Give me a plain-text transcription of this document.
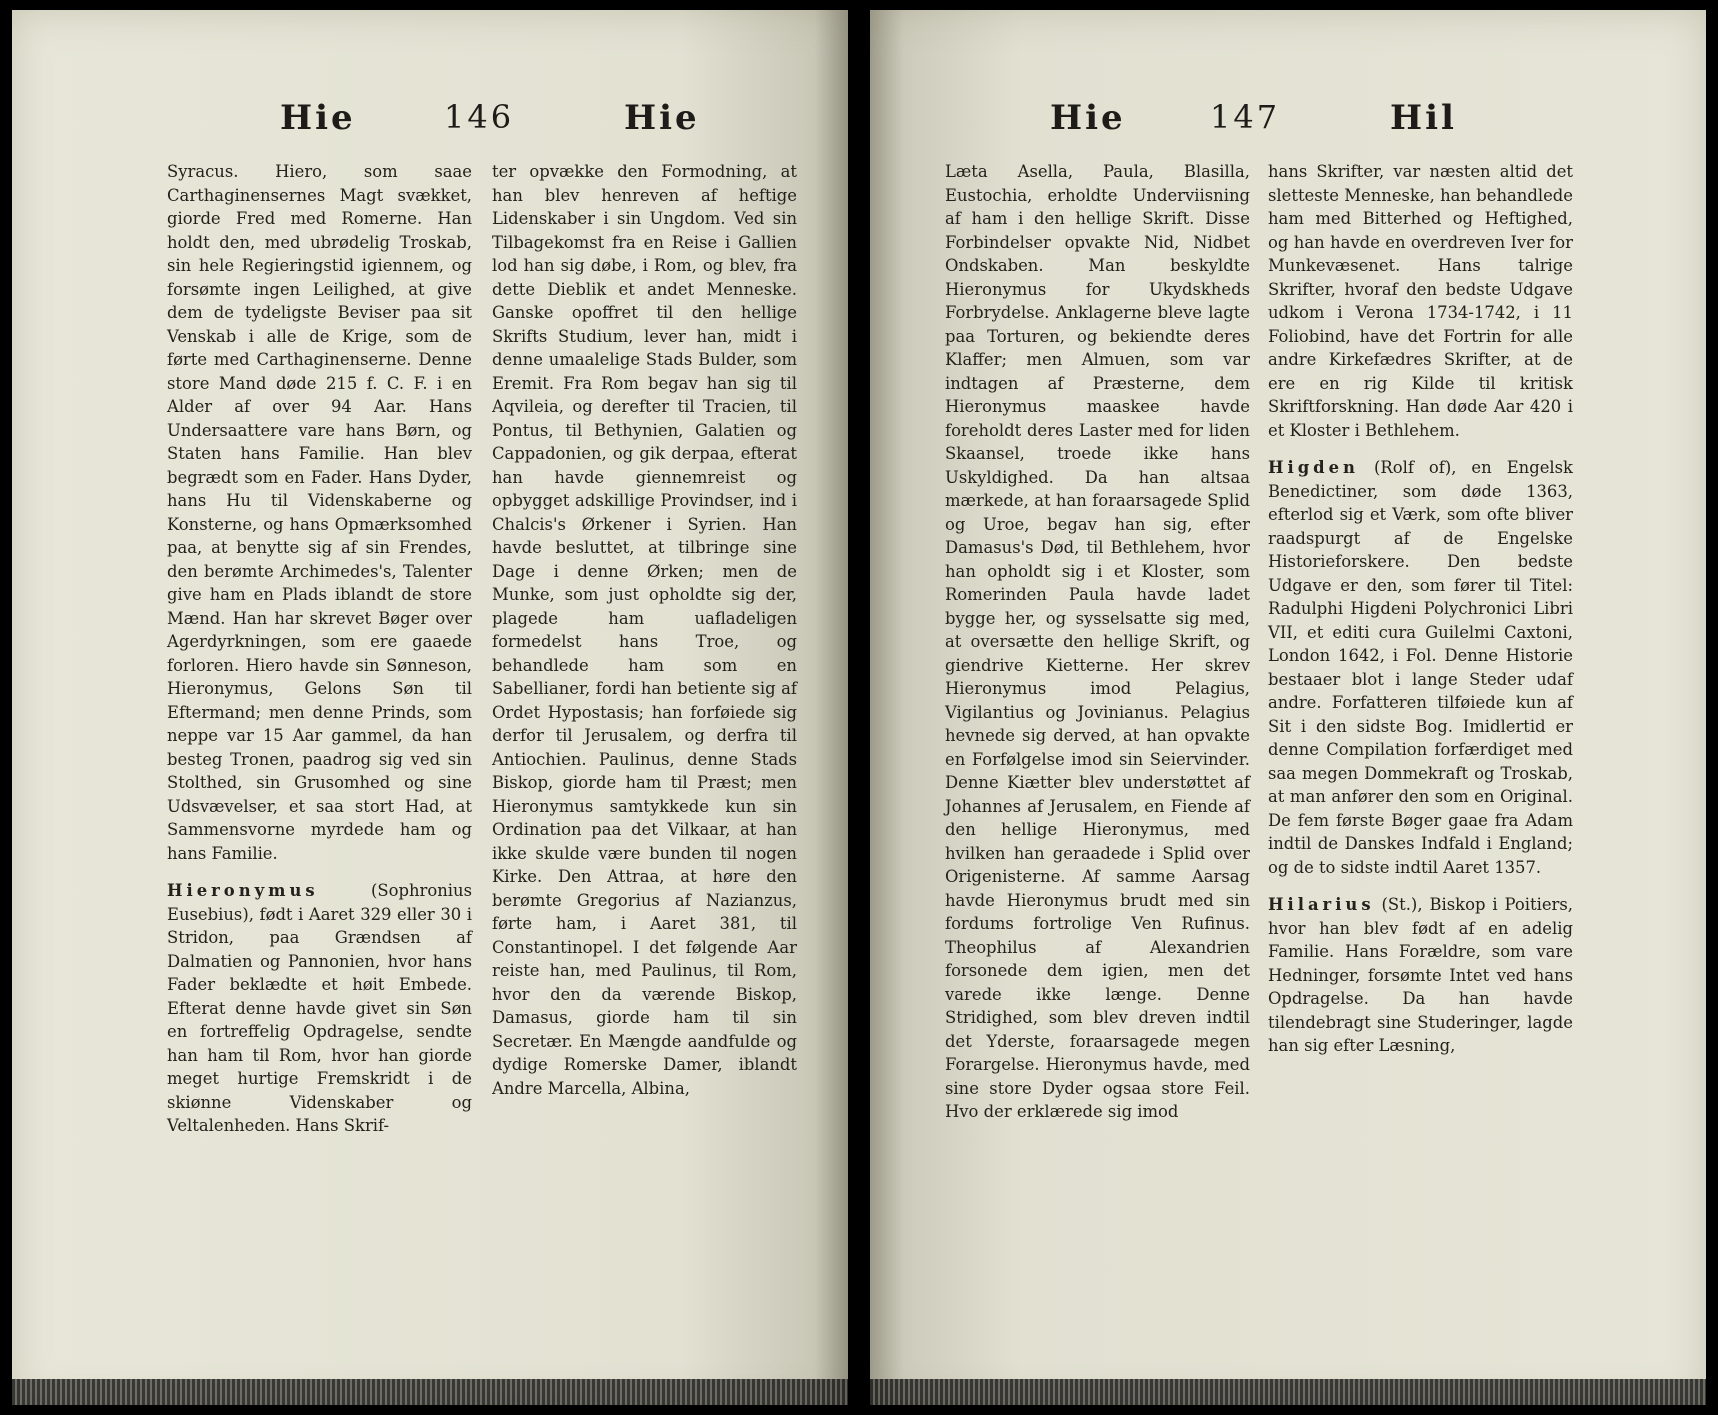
Hie	146	Hie

Syracus. Hiero, som saae Carthaginensernes Magt svækket, giorde Fred med Romerne. Han holdt den, med ubrødelig Troskab, sin hele Regieringstid igiennem, og forsømte ingen Leilighed, at give dem de tydeligste Beviser paa sit Venskab i alle de Krige, som de førte med Carthaginenserne. Denne store Mand døde 215 f. C. F. i en Alder af over 94 Aar. Hans Undersaattere vare hans Børn, og Staten hans Familie. Han blev begrædt som en Fader. Hans Dyder, hans Hu til Videnskaberne og Konsterne, og hans Opmærksomhed paa, at benytte sig af sin Frendes, den berømte Archimedes's, Talenter give ham en Plads iblandt de store Mænd. Han har skrevet Bøger over Agerdyrkningen, som ere gaaede forloren. Hiero havde sin Sønneson, Hieronymus, Gelons Søn til Eftermand; men denne Prinds, som neppe var 15 Aar gammel, da han besteg Tronen, paadrog sig ved sin Stolthed, sin Grusomhed og sine Udsvævelser, et saa stort Had, at Sammensvorne myrdede ham og hans Familie.

Hieronymus	(Sophronius Eusebius), født i Aaret 329 eller 30 i Stridon, paa Grændsen af Dalmatien og Pannonien, hvor hans Fader beklædte et høit Embede. Efterat denne havde givet sin Søn en fortreffelig Opdragelse, sendte han ham til Rom, hvor han giorde meget hurtige Fremskridt i de skiønne Videnskaber og Veltalenheden. Hans Skrif-

ter opvække den Formodning, at han blev henreven af heftige Lidenskaber i sin Ungdom. Ved sin Tilbagekomst fra en Reise i Gallien lod han sig døbe, i Rom, og blev, fra dette Dieblik et andet Menneske. Ganske opoffret til den hellige Skrifts Studium, lever han, midt i denne umaalelige Stads Bulder, som Eremit. Fra Rom begav han sig til Aqvileia, og derefter til Tracien, til Pontus, til Bethynien, Galatien og Cappadonien, og gik derpaa, efterat han havde giennemreist og opbygget adskillige Provindser, ind i Chalcis's Ørkener i Syrien. Han havde besluttet, at tilbringe sine Dage i denne Ørken; men de Munke, som just opholdte sig der, plagede ham uafladeligen formedelst hans Troe, og behandlede ham som en Sabellianer, fordi han betiente sig af Ordet Hypostasis; han forføiede sig derfor til Jerusalem, og derfra til Antiochien. Paulinus, denne Stads Biskop, giorde ham til Præst; men Hieronymus samtykkede kun sin Ordination paa det Vilkaar, at han ikke skulde være bunden til nogen Kirke. Den Attraa, at høre den berømte Gregorius af Nazianzus, førte ham, i Aaret 381, til Constantinopel. I det følgende Aar reiste han, med Paulinus, til Rom, hvor den da værende Biskop, Damasus, giorde ham til sin Secretær. En Mængde aandfulde og dydige Romerske Damer, iblandt Andre Marcella, Albina,

Hie	147	Hil

Læta Asella, Paula, Blasilla, Eustochia, erholdte Underviisning af ham i den hellige Skrift. Disse Forbindelser opvakte Nid, Nidbet Ondskaben. Man beskyldte Hieronymus for Ukydskheds Forbrydelse. Anklagerne bleve lagte paa Torturen, og bekiendte deres Klaffer; men Almuen, som var indtagen af Præsterne, dem Hieronymus maaskee havde foreholdt deres Laster med for liden Skaansel, troede ikke hans Uskyldighed. Da han altsaa mærkede, at han foraarsagede Splid og Uroe, begav han sig, efter Damasus's Død, til Bethlehem, hvor han opholdt sig i et Kloster, som Romerinden Paula havde ladet bygge her, og sysselsatte sig med, at oversætte den hellige Skrift, og giendrive Kietterne. Her skrev Hieronymus imod Pelagius, Vigilantius og Jovinianus. Pelagius hevnede sig derved, at han opvakte en Forfølgelse imod sin Seiervinder. Denne Kiætter blev understøttet af Johannes af Jerusalem, en Fiende af den hellige Hieronymus, med hvilken han geraadede i Splid over Origenisterne. Af samme Aarsag havde Hieronymus brudt med sin fordums fortrolige Ven Rufinus. Theophilus af Alexandrien forsonede dem igien, men det varede ikke længe. Denne Stridighed, som blev dreven indtil det Yderste, foraarsagede megen Forargelse. Hieronymus havde, med sine store Dyder ogsaa store Feil. Hvo der erklærede sig imod

hans Skrifter, var næsten altid det slettestе Menneske, han behandlede ham med Bitterhed og Heftighed, og han havde en overdreven Iver for Munkevæsenet. Hans talrige Skrifter, hvoraf den bedste Udgave udkom i Verona 1734-1742, i 11 Foliobind, have det Fortrin for alle andre Kirkefædres Skrifter, at de ere en rig Kilde til kritisk Skriftforskning. Han døde Aar 420 i et Kloster i Bethlehem.

Higden (Rolf of), en Engelsk Benedictiner, som døde 1363, efterlod sig et Værk, som ofte bliver raadspurgt af de Engelske Historieforskere. Den bedste Udgave er den, som fører til Titel: Radulphi Higdeni Polychronici Libri VII, et editi cura Guilelmi Caxtoni, London 1642, i Fol. Denne Historie bestaaer blot i lange Steder udaf andre. Forfatteren tilføiede kun af Sit i den sidste Bog. Imidlertid er denne Compilation forfærdiget med saa megen Dommekraft og Troskab, at man anfører den som en Original. De fem første Bøger gaae fra Adam indtil de Danskes Indfald i England; og de to sidste indtil Aaret 1357.

Hilarius (St.), Biskop i Poitiers, hvor han blev født af en adelig Familie. Hans Forældre, som vare Hedninger, forsømte Intet ved hans Opdragelse. Da han havde tilendebragt sine Studeringer, lagde han sig efter Læsning,
